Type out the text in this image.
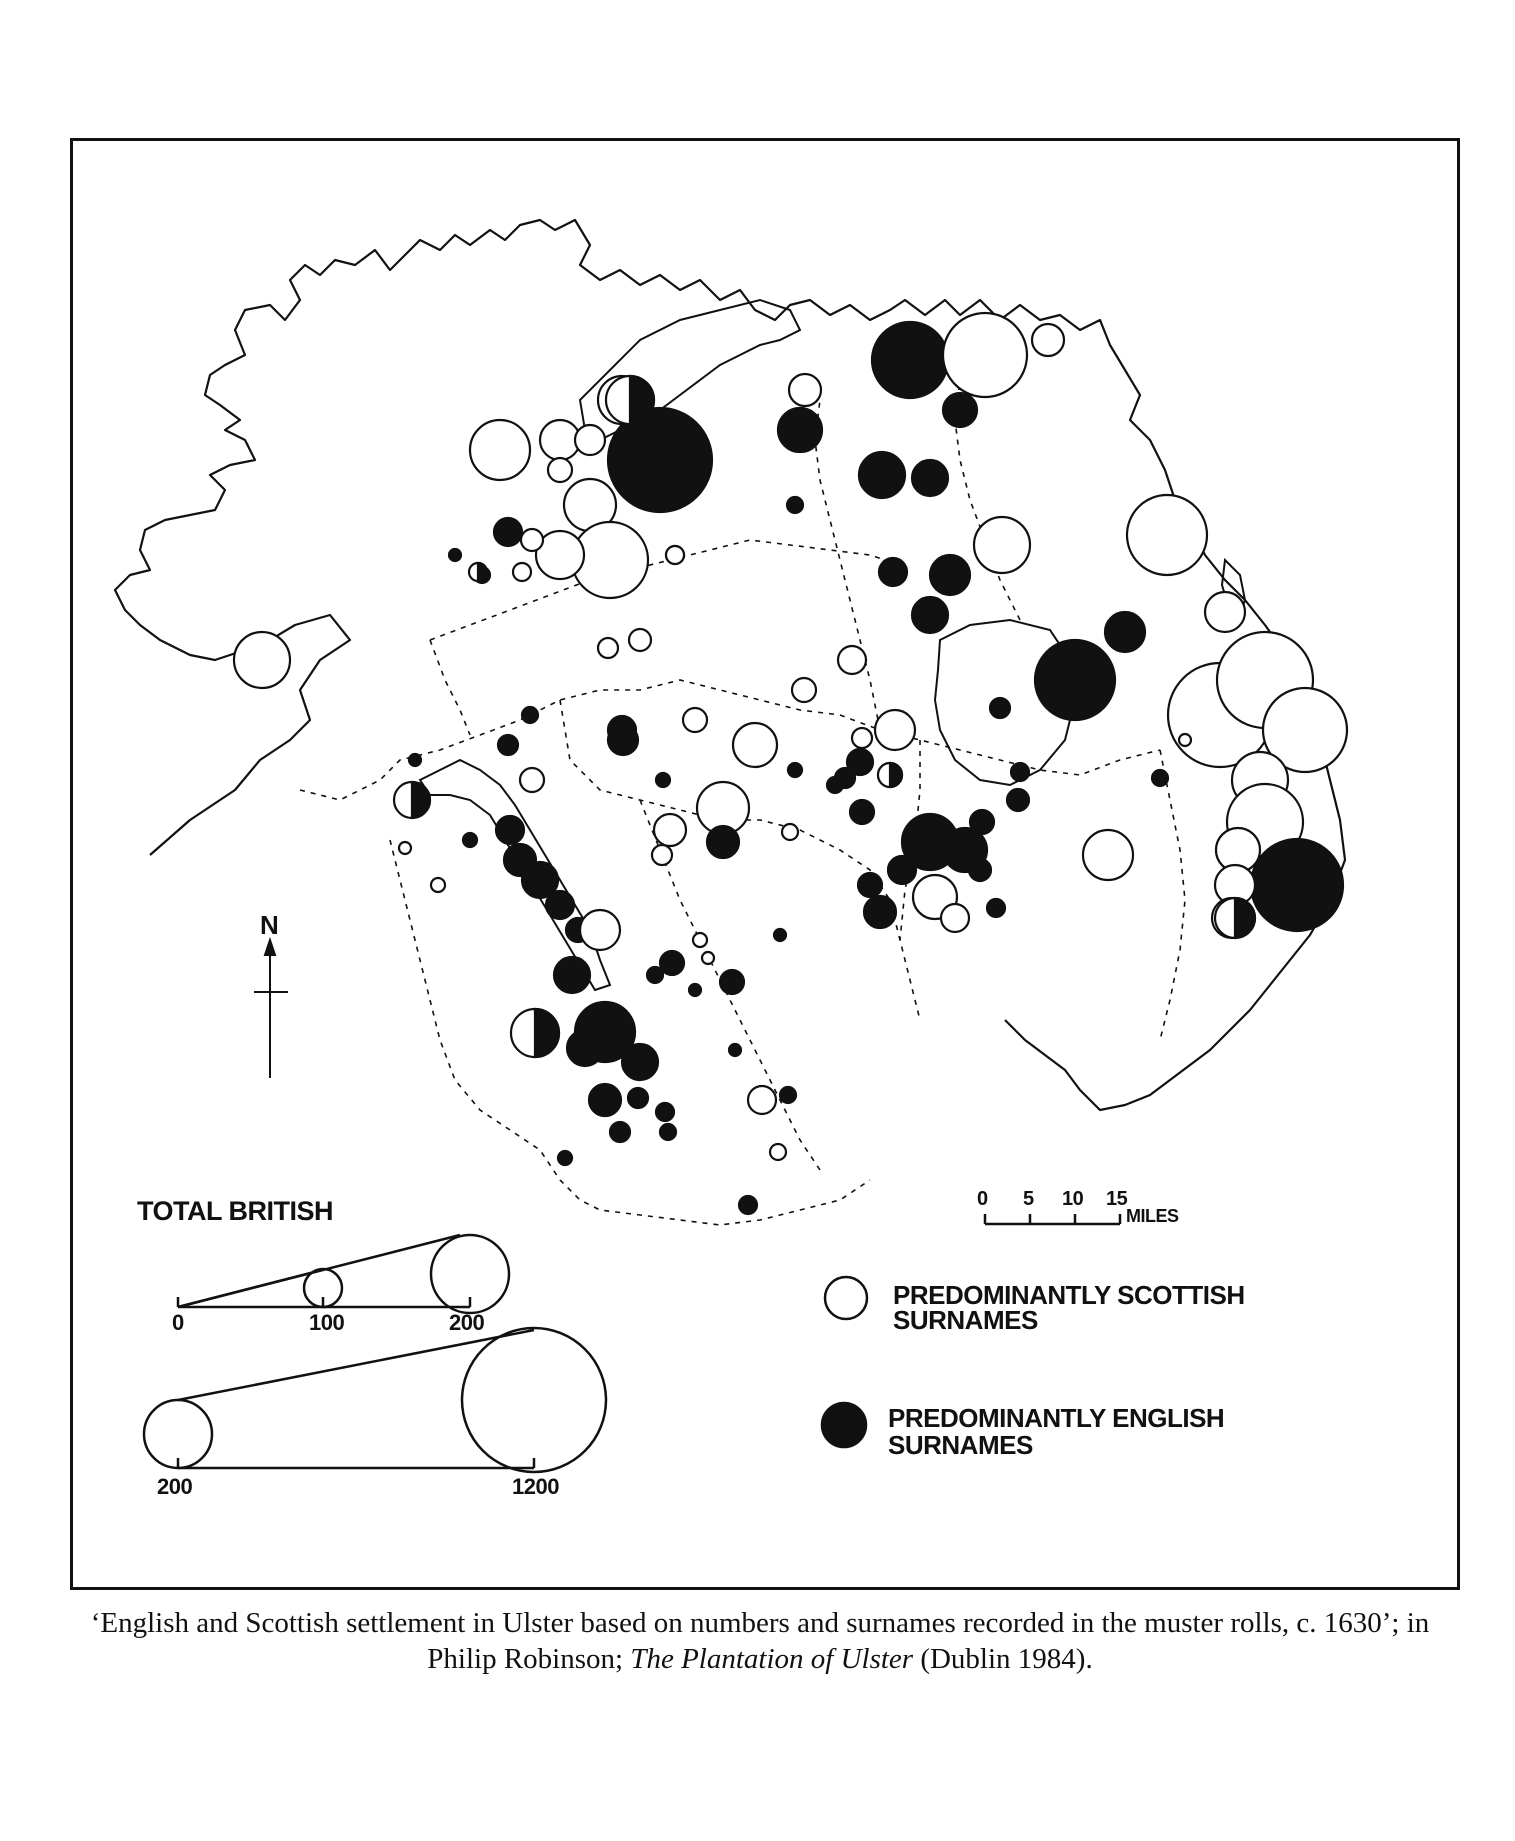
N
TOTAL BRITISH	0 5 10 15
MILES
0	100	200
200	1200
PREDOMINANTLY SCOTTISH
SURNAMES
PREDOMINANTLY ENGLISH
SURNAMES
‘English and Scottish settlement in Ulster based on numbers and surnames recorded in the muster rolls, c. 1630’; in Philip Robinson; The Plantation of Ulster (Dublin 1984).
